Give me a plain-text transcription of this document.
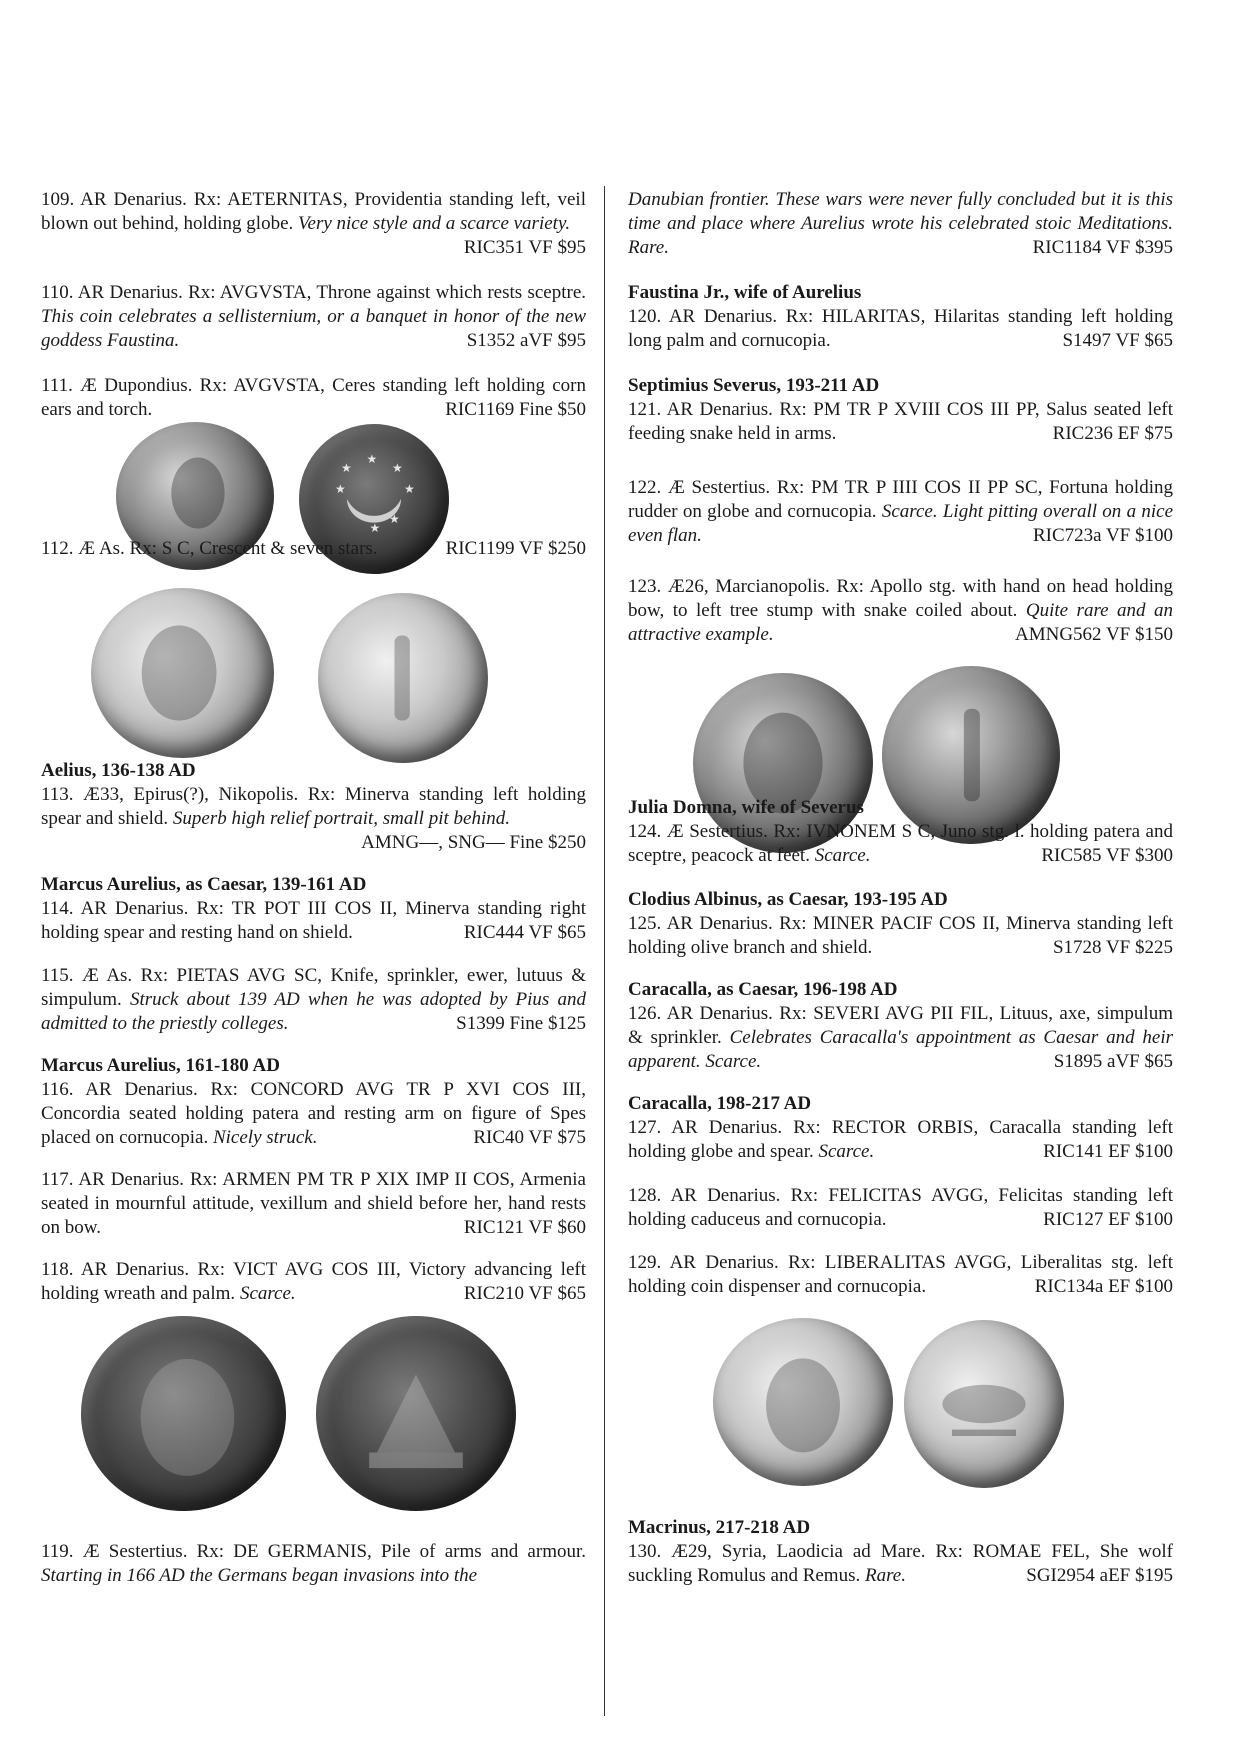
109. AR Denarius. Rx: AETERNITAS, Providentia standing left, veil blown out behind, holding globe. Very nice style and a scarce variety.
RIC351 VF $95
110. AR Denarius. Rx: AVGVSTA, Throne against which rests sceptre. This coin celebrates a sellisternium, or a banquet in honor of the new goddess Faustina.	S1352 aVF $95
111. Æ Dupondius. Rx: AVGVSTA, Ceres standing left holding corn ears and torch.	RIC1169 Fine $50
★
★
★
★	★
★
★
112. Æ As. Rx: S C, Crescent & seven stars.	RIC1199 VF $250
Aelius, 136-138 AD
113. Æ33, Epirus(?), Nikopolis. Rx: Minerva standing left holding spear and shield. Superb high relief portrait, small pit behind.
AMNG—, SNG— Fine $250
Marcus Aurelius, as Caesar, 139-161 AD
114. AR Denarius. Rx: TR POT III COS II, Minerva standing right holding spear and resting hand on shield.	RIC444 VF $65
115. Æ As. Rx: PIETAS AVG SC, Knife, sprinkler, ewer, lutuus & simpulum. Struck about 139 AD when he was adopted by Pius and admitted to the priestly colleges.	S1399 Fine $125
Marcus Aurelius, 161-180 AD
116. AR Denarius. Rx: CONCORD AVG TR P XVI COS III, Concordia seated holding patera and resting arm on figure of Spes placed on cornucopia. Nicely struck.	RIC40 VF $75
117. AR Denarius. Rx: ARMEN PM TR P XIX IMP II COS, Armenia seated in mournful attitude, vexillum and shield before her, hand rests on bow.	RIC121 VF $60
118. AR Denarius. Rx: VICT AVG COS III, Victory advancing left holding wreath and palm. Scarce.	RIC210 VF $65
119. Æ Sestertius. Rx: DE GERMANIS, Pile of arms and armour. Starting in 166 AD the Germans began invasions into the
Danubian frontier. These wars were never fully concluded but it is this time and place where Aurelius wrote his celebrated stoic Meditations. Rare.	RIC1184 VF $395
Faustina Jr., wife of Aurelius
120. AR Denarius. Rx: HILARITAS, Hilaritas standing left holding long palm and cornucopia.	S1497 VF $65
Septimius Severus, 193-211 AD
121. AR Denarius. Rx: PM TR P XVIII COS III PP, Salus seated left feeding snake held in arms.	RIC236 EF $75
122. Æ Sestertius. Rx: PM TR P IIII COS II PP SC, Fortuna holding rudder on globe and cornucopia. Scarce. Light pitting overall on a nice even flan.	RIC723a VF $100
123. Æ26, Marcianopolis. Rx: Apollo stg. with hand on head holding bow, to left tree stump with snake coiled about. Quite rare and an attractive example.	AMNG562 VF $150
Julia Domna, wife of Severus
124. Æ Sestertius. Rx: IVNONEM S C, Juno stg. l. holding patera and sceptre, peacock at feet. Scarce.	RIC585 VF $300
Clodius Albinus, as Caesar, 193-195 AD
125. AR Denarius. Rx: MINER PACIF COS II, Minerva standing left holding olive branch and shield.	S1728 VF $225
Caracalla, as Caesar, 196-198 AD
126. AR Denarius. Rx: SEVERI AVG PII FIL, Lituus, axe, simpulum & sprinkler. Celebrates Caracalla's appointment as Caesar and heir apparent. Scarce.	S1895 aVF $65
Caracalla, 198-217 AD
127. AR Denarius. Rx: RECTOR ORBIS, Caracalla standing left holding globe and spear. Scarce.	RIC141 EF $100
128. AR Denarius. Rx: FELICITAS AVGG, Felicitas standing left holding caduceus and cornucopia.	RIC127 EF $100
129. AR Denarius. Rx: LIBERALITAS AVGG, Liberalitas stg. left holding coin dispenser and cornucopia.	RIC134a EF $100
Macrinus, 217-218 AD
130. Æ29, Syria, Laodicia ad Mare. Rx: ROMAE FEL, She wolf suckling Romulus and Remus. Rare.	SGI2954 aEF $195
